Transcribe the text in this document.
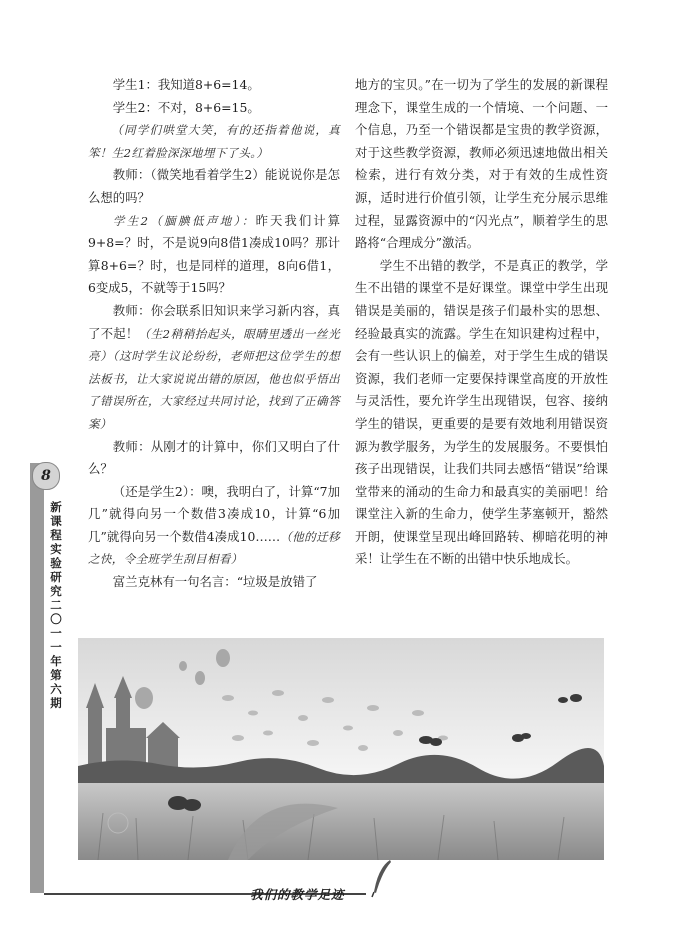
学生1：我知道8+6=14。

学生2：不对，8+6=15。

（同学们哄堂大笑，有的还指着他说，真笨！生2红着脸深深地埋下了头。）

教师：（微笑地看着学生2）能说说你是怎么想的吗？

学生2（腼腆低声地）：昨天我们计算9+8=？时，不是说9向8借1凑成10吗？那计算8+6=？时，也是同样的道理，8向6借1，6变成5，不就等于15吗？

教师：你会联系旧知识来学习新内容，真了不起！（生2稍稍抬起头，眼睛里透出一丝光亮）（这时学生议论纷纷，老师把这位学生的想法板书，让大家说说出错的原因，他也似乎悟出了错误所在，大家经过共同讨论，找到了正确答案）

教师：从刚才的计算中，你们又明白了什么？

（还是学生2）：噢，我明白了，计算“7加几”就得向另一个数借3凑成10，计算“6加几”就得向另一个数借4凑成10……（他的迁移之快，令全班学生刮目相看）

富兰克林有一句名言：“垃圾是放错了

地方的宝贝。”在一切为了学生的发展的新课程理念下，课堂生成的一个情境、一个问题、一个信息，乃至一个错误都是宝贵的教学资源，对于这些教学资源，教师必须迅速地做出相关检索，进行有效分类，对于有效的生成性资源，适时进行价值引领，让学生充分展示思维过程，显露资源中的“闪光点”，顺着学生的思路将“合理成分”激活。

学生不出错的教学，不是真正的教学，学生不出错的课堂不是好课堂。课堂中学生出现错误是美丽的，错误是孩子们最朴实的思想、经验最真实的流露。学生在知识建构过程中，会有一些认识上的偏差，对于学生生成的错误资源，我们老师一定要保持课堂高度的开放性与灵活性，要允许学生出现错误，包容、接纳学生的错误，更重要的是要有效地利用错误资源为教学服务，为学生的发展服务。不要惧怕孩子出现错误，让我们共同去感悟“错误”给课堂带来的涌动的生命力和最真实的美丽吧！给课堂注入新的生命力，使学生茅塞顿开，豁然开朗，使课堂呈现出峰回路转、柳暗花明的神采！让学生在不断的出错中快乐地成长。

8
新课程实验研究
二〇一一年
第六期
我们的教学足迹
